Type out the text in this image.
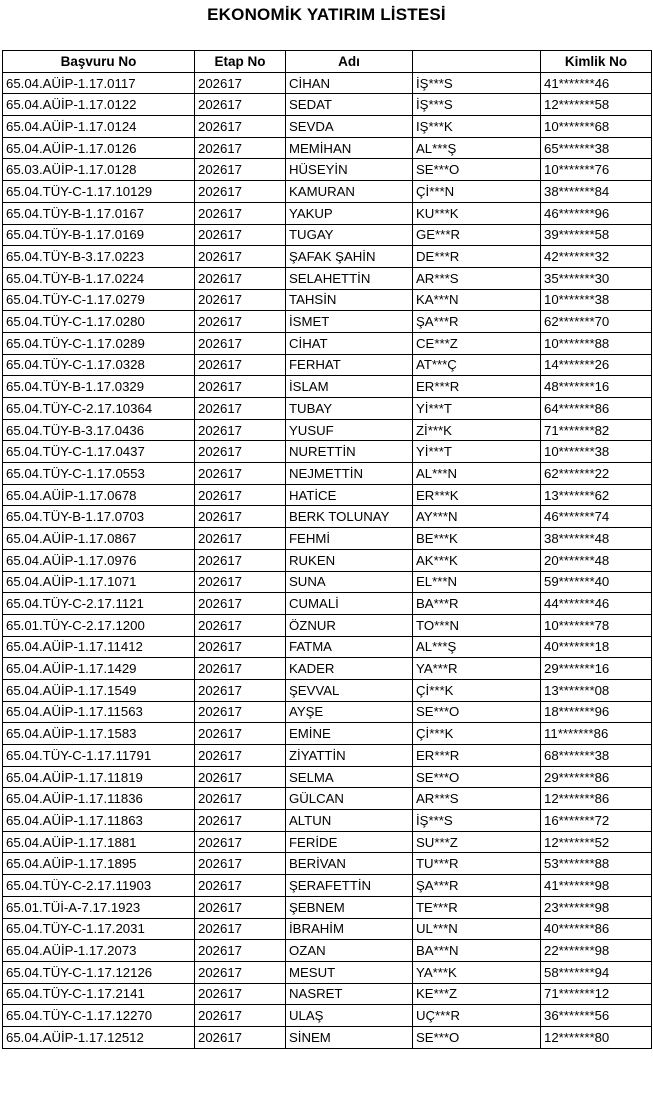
EKONOMİK YATIRIM LİSTESİ
Başvuru No	Etap No	Adı		Kimlik No
65.04.AÜİP-1.17.0117	202617	CİHAN	İŞ***S	41*******46
65.04.AÜİP-1.17.0122	202617	SEDAT	İŞ***S	12*******58
65.04.AÜİP-1.17.0124	202617	SEVDA	IŞ***K	10*******68
65.04.AÜİP-1.17.0126	202617	MEMİHAN	AL***Ş	65*******38
65.03.AÜİP-1.17.0128	202617	HÜSEYİN	SE***O	10*******76
65.04.TÜY-C-1.17.10129	202617	KAMURAN	Çİ***N	38*******84
65.04.TÜY-B-1.17.0167	202617	YAKUP	KU***K	46*******96
65.04.TÜY-B-1.17.0169	202617	TUGAY	GE***R	39*******58
65.04.TÜY-B-3.17.0223	202617	ŞAFAK ŞAHİN	DE***R	42*******32
65.04.TÜY-B-1.17.0224	202617	SELAHETTİN	AR***S	35*******30
65.04.TÜY-C-1.17.0279	202617	TAHSİN	KA***N	10*******38
65.04.TÜY-C-1.17.0280	202617	İSMET	ŞA***R	62*******70
65.04.TÜY-C-1.17.0289	202617	CİHAT	CE***Z	10*******88
65.04.TÜY-C-1.17.0328	202617	FERHAT	AT***Ç	14*******26
65.04.TÜY-B-1.17.0329	202617	İSLAM	ER***R	48*******16
65.04.TÜY-C-2.17.10364	202617	TUBAY	Yİ***T	64*******86
65.04.TÜY-B-3.17.0436	202617	YUSUF	Zİ***K	71*******82
65.04.TÜY-C-1.17.0437	202617	NURETTİN	Yİ***T	10*******38
65.04.TÜY-C-1.17.0553	202617	NEJMETTİN	AL***N	62*******22
65.04.AÜİP-1.17.0678	202617	HATİCE	ER***K	13*******62
65.04.TÜY-B-1.17.0703	202617	BERK TOLUNAY	AY***N	46*******74
65.04.AÜİP-1.17.0867	202617	FEHMİ	BE***K	38*******48
65.04.AÜİP-1.17.0976	202617	RUKEN	AK***K	20*******48
65.04.AÜİP-1.17.1071	202617	SUNA	EL***N	59*******40
65.04.TÜY-C-2.17.1121	202617	CUMALİ	BA***R	44*******46
65.01.TÜY-C-2.17.1200	202617	ÖZNUR	TO***N	10*******78
65.04.AÜİP-1.17.11412	202617	FATMA	AL***Ş	40*******18
65.04.AÜİP-1.17.1429	202617	KADER	YA***R	29*******16
65.04.AÜİP-1.17.1549	202617	ŞEVVAL	Çİ***K	13*******08
65.04.AÜİP-1.17.11563	202617	AYŞE	SE***O	18*******96
65.04.AÜİP-1.17.1583	202617	EMİNE	Çİ***K	11*******86
65.04.TÜY-C-1.17.11791	202617	ZİYATTİN	ER***R	68*******38
65.04.AÜİP-1.17.11819	202617	SELMA	SE***O	29*******86
65.04.AÜİP-1.17.11836	202617	GÜLCAN	AR***S	12*******86
65.04.AÜİP-1.17.11863	202617	ALTUN	İŞ***S	16*******72
65.04.AÜİP-1.17.1881	202617	FERİDE	SU***Z	12*******52
65.04.AÜİP-1.17.1895	202617	BERİVAN	TU***R	53*******88
65.04.TÜY-C-2.17.11903	202617	ŞERAFETTİN	ŞA***R	41*******98
65.01.TÜİ-A-7.17.1923	202617	ŞEBNEM	TE***R	23*******98
65.04.TÜY-C-1.17.2031	202617	İBRAHİM	UL***N	40*******86
65.04.AÜİP-1.17.2073	202617	OZAN	BA***N	22*******98
65.04.TÜY-C-1.17.12126	202617	MESUT	YA***K	58*******94
65.04.TÜY-C-1.17.2141	202617	NASRET	KE***Z	71*******12
65.04.TÜY-C-1.17.12270	202617	ULAŞ	UÇ***R	36*******56
65.04.AÜİP-1.17.12512	202617	SİNEM	SE***O	12*******80
